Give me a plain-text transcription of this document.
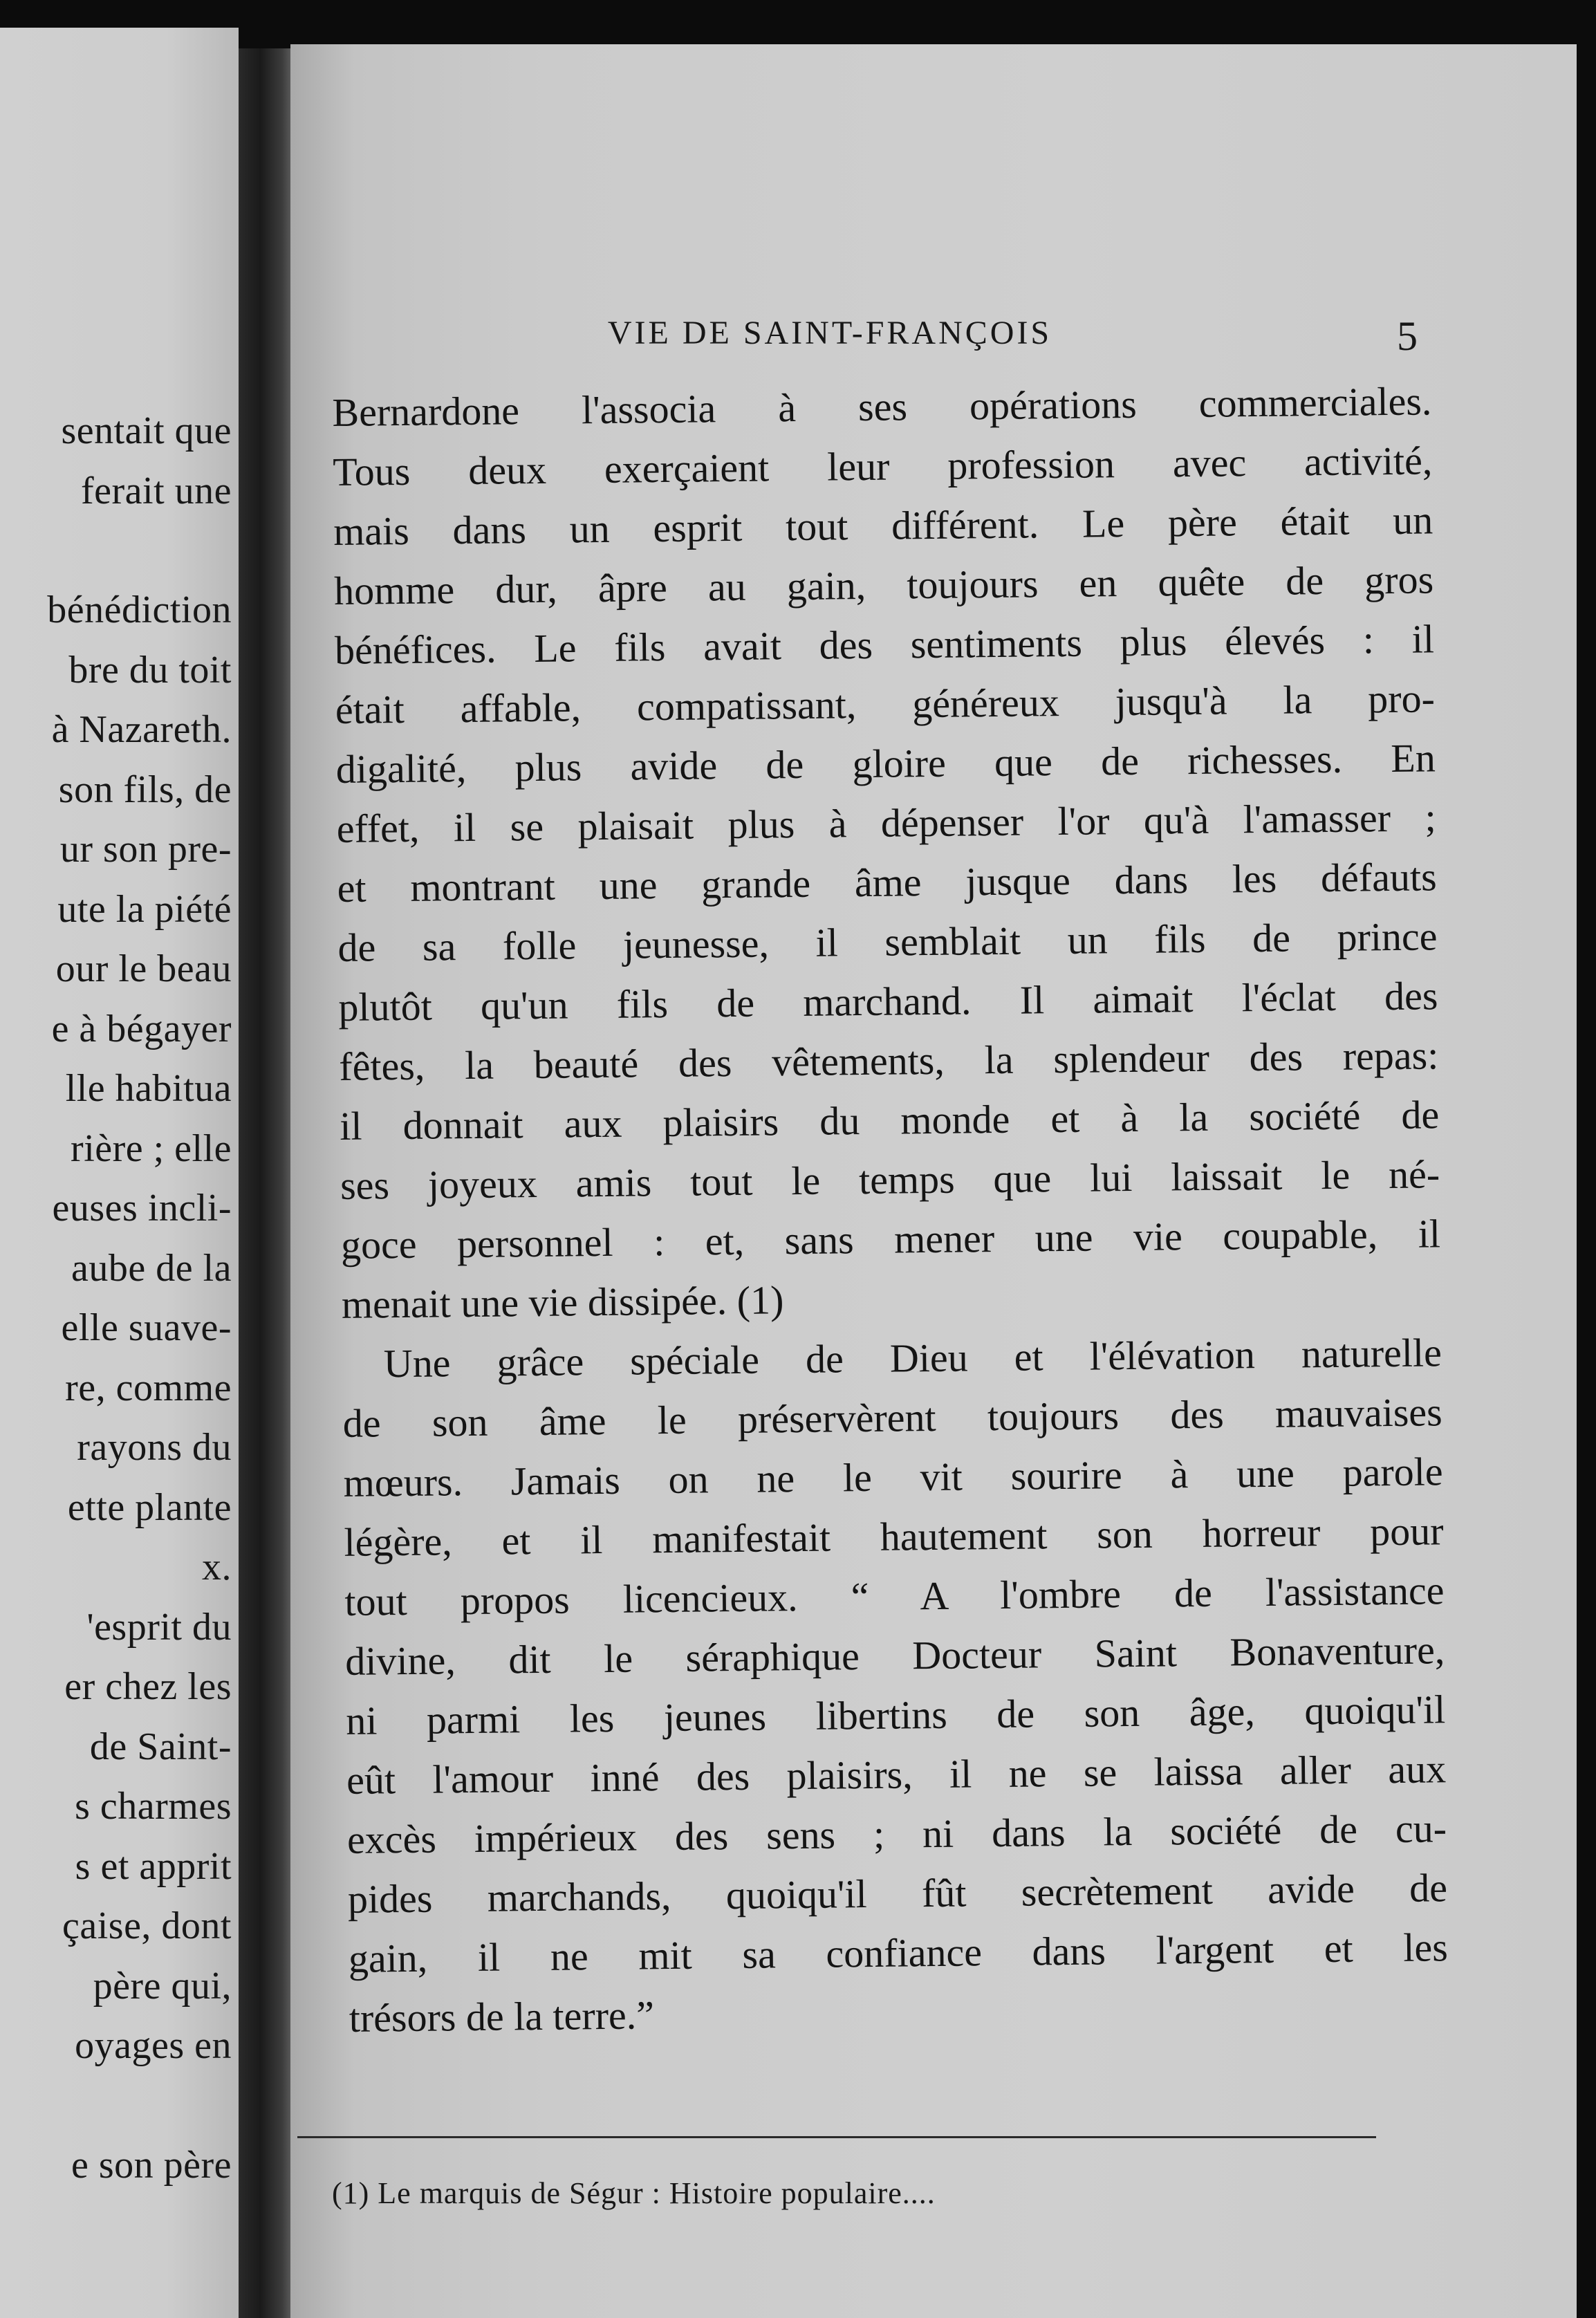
sentait que
ferait une
bénédiction
bre du toit
à Nazareth.
son fils, de
ur son pre-
ute la piété
our le beau
e à bégayer
lle habitua
rière ; elle
euses incli-
aube de la
elle suave-
re, comme
rayons du
ette plante
x.
'esprit du
er chez les
de Saint-
s charmes
s et apprit
çaise, dont
père qui,
oyages en
e son père
VIE DE SAINT-FRANÇOIS	5
Bernardone l'associa à ses opérations commerciales.
Tous deux exerçaient leur profession avec activité,
mais dans un esprit tout différent. Le père était un
homme dur, âpre au gain, toujours en quête de gros
bénéfices. Le fils avait des sentiments plus élevés : il
était affable, compatissant, généreux jusqu'à la pro-
digalité, plus avide de gloire que de richesses. En
effet, il se plaisait plus à dépenser l'or qu'à l'amasser ;
et montrant une grande âme jusque dans les défauts
de sa folle jeunesse, il semblait un fils de prince
plutôt qu'un fils de marchand. Il aimait l'éclat des
fêtes, la beauté des vêtements, la splendeur des repas:
il donnait aux plaisirs du monde et à la société de
ses joyeux amis tout le temps que lui laissait le né-
goce personnel : et, sans mener une vie coupable, il
menait une vie dissipée. (1)
Une grâce spéciale de Dieu et l'élévation naturelle
de son âme le préservèrent toujours des mauvaises
mœurs. Jamais on ne le vit sourire à une parole
légère, et il manifestait hautement son horreur pour
tout propos licencieux. “ A l'ombre de l'assistance
divine, dit le séraphique Docteur Saint Bonaventure,
ni parmi les jeunes libertins de son âge, quoiqu'il
eût l'amour inné des plaisirs, il ne se laissa aller aux
excès impérieux des sens ; ni dans la société de cu-
pides marchands, quoiqu'il fût secrètement avide de
gain, il ne mit sa confiance dans l'argent et les
trésors de la terre.”
(1) Le marquis de Ségur : Histoire populaire....
